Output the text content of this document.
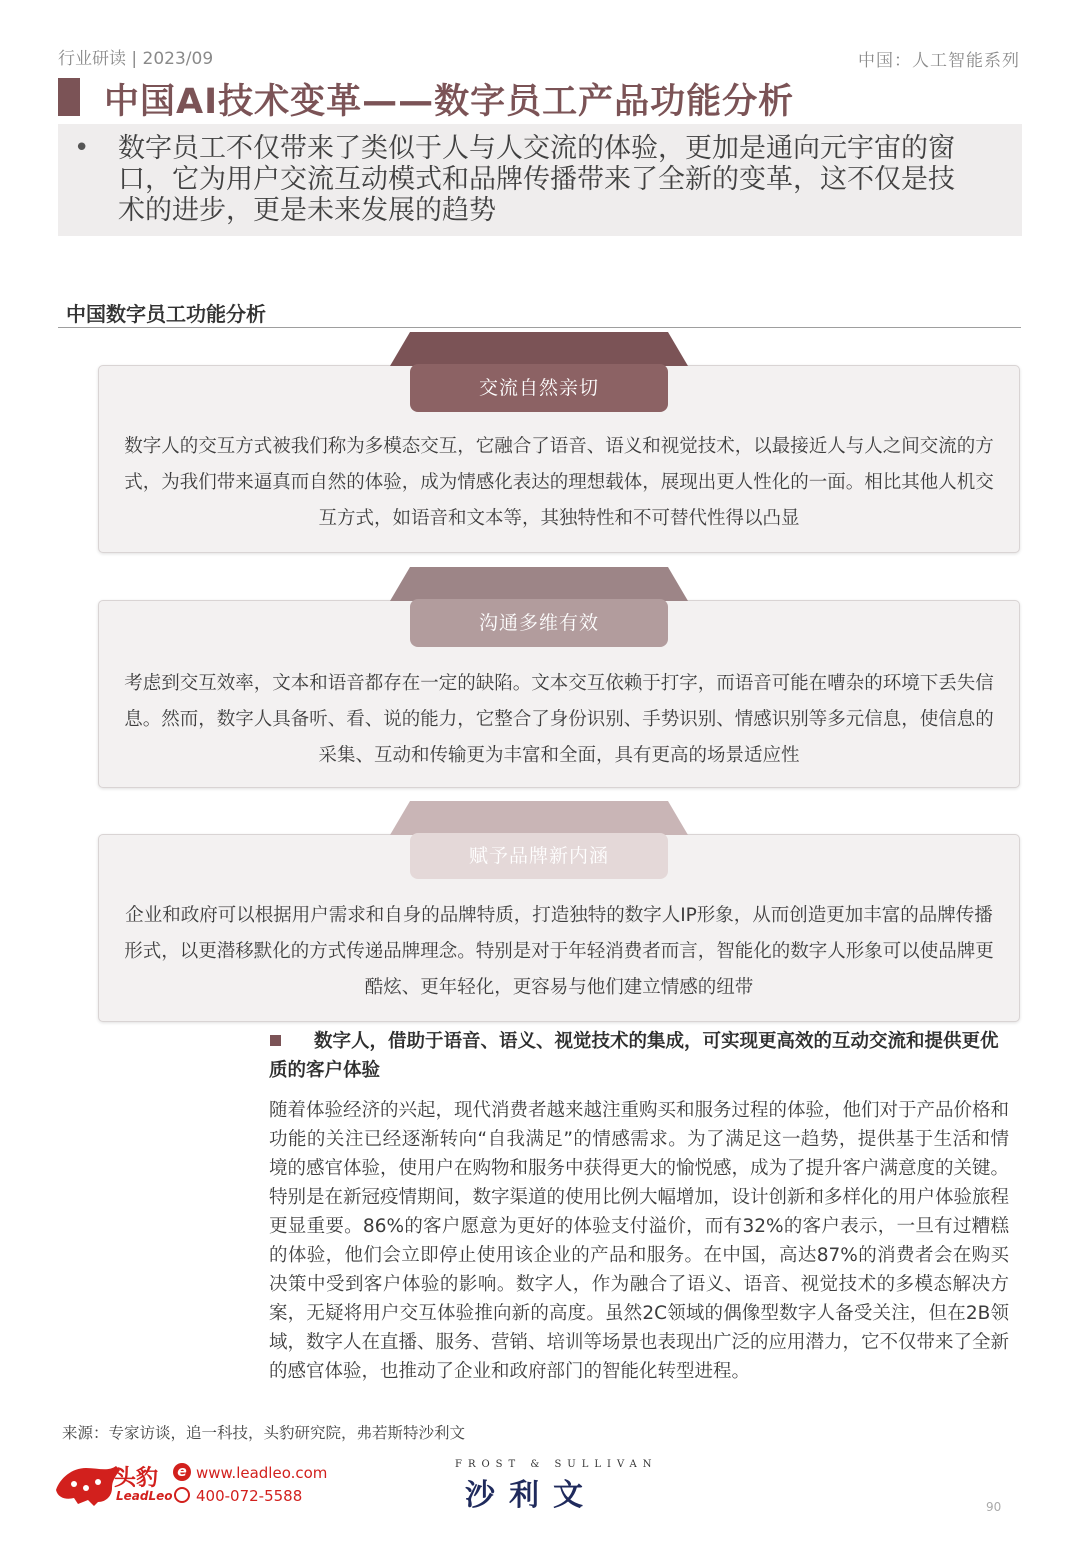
行业研读 | 2023/09	中国：人工智能系列
中国AI技术变革——数字员工产品功能分析
• 数字员工不仅带来了类似于人与人交流的体验，更加是通向元宇宙的窗口，它为用户交流互动模式和品牌传播带来了全新的变革，这不仅是技术的进步，更是未来发展的趋势
中国数字员工功能分析
交流自然亲切
数字人的交互方式被我们称为多模态交互，它融合了语音、语义和视觉技术，以最接近人与人之间交流的方式，为我们带来逼真而自然的体验，成为情感化表达的理想载体，展现出更人性化的一面。相比其他人机交互方式，如语音和文本等，其独特性和不可替代性得以凸显
沟通多维有效
考虑到交互效率，文本和语音都存在一定的缺陷。文本交互依赖于打字，而语音可能在嘈杂的环境下丢失信息。然而，数字人具备听、看、说的能力，它整合了身份识别、手势识别、情感识别等多元信息，使信息的采集、互动和传输更为丰富和全面，具有更高的场景适应性
赋予品牌新内涵
企业和政府可以根据用户需求和自身的品牌特质，打造独特的数字人IP形象，从而创造更加丰富的品牌传播形式，以更潜移默化的方式传递品牌理念。特别是对于年轻消费者而言，智能化的数字人形象可以使品牌更酷炫、更年轻化，更容易与他们建立情感的纽带
数字人，借助于语音、语义、视觉技术的集成，可实现更高效的互动交流和提供更优质的客户体验
随着体验经济的兴起，现代消费者越来越注重购买和服务过程的体验，他们对于产品价格和功能的关注已经逐渐转向“自我满足”的情感需求。为了满足这一趋势，提供基于生活和情境的感官体验，使用户在购物和服务中获得更大的愉悦感，成为了提升客户满意度的关键。特别是在新冠疫情期间，数字渠道的使用比例大幅增加，设计创新和多样化的用户体验旅程更显重要。86%的客户愿意为更好的体验支付溢价，而有32%的客户表示，一旦有过糟糕的体验，他们会立即停止使用该企业的产品和服务。在中国，高达87%的消费者会在购买决策中受到客户体验的影响。数字人，作为融合了语义、语音、视觉技术的多模态解决方案，无疑将用户交互体验推向新的高度。虽然2C领域的偶像型数字人备受关注，但在2B领域，数字人在直播、服务、营销、培训等场景也表现出广泛的应用潜力，它不仅带来了全新的感官体验，也推动了企业和政府部门的智能化转型进程。
来源：专家访谈，追一科技，头豹研究院，弗若斯特沙利文
头豹
LeadLeo
e www.leadleo.com
400-072-5588
FROST & SULLIVAN
沙利文	90
